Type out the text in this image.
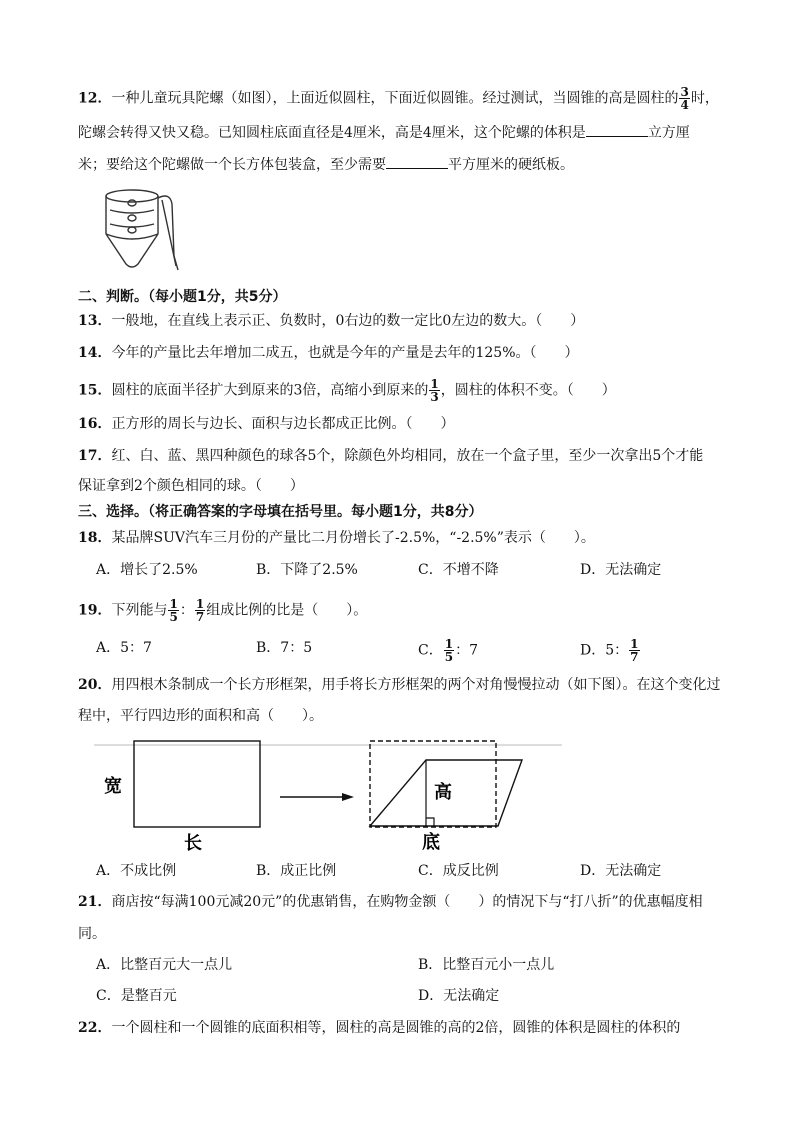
12．一种儿童玩具陀螺（如图），上面近似圆柱，下面近似圆锥。经过测试，当圆锥的高是圆柱的 $\frac{3}{4}$ 时，
陀螺会转得又快又稳。已知圆柱底面直径是4厘米，高是4厘米，这个陀螺的体积是	立方厘
米；要给这个陀螺做一个长方体包装盒，至少需要	平方厘米的硬纸板。
二、判断。（每小题1分，共5分）
13．一般地，在直线上表示正、负数时，0右边的数一定比0左边的数大。（　　）
14．今年的产量比去年增加二成五，也就是今年的产量是去年的125%。（　　）
15．圆柱的底面半径扩大到原来的3倍，高缩小到原来的 $\frac{1}{3}$ ，圆柱的体积不变。（　　）
16．正方形的周长与边长、面积与边长都成正比例。（　　）
17．红、白、蓝、黑四种颜色的球各5个，除颜色外均相同，放在一个盒子里，至少一次拿出5个才能
保证拿到2个颜色相同的球。（　　）
三、选择。（将正确答案的字母填在括号里。每小题1分，共8分）
18．某品牌SUV汽车三月份的产量比二月份增长了-2.5%，“-2.5%”表示（　　）。
A．增长了2.5%	B．下降了2.5%	C．不增不降	D．无法确定
19．下列能与 $\frac{1}{5}$ ： $\frac{1}{7}$ 组成比例的比是（　　）。
A．5：7	B．7：5	C． $\frac{1}{5}$ ：7	D．5： $\frac{1}{7}$
20．用四根木条制成一个长方形框架，用手将长方形框架的两个对角慢慢拉动（如下图）。在这个变化过
程中，平行四边形的面积和高（　　）。
宽
长
高
底
A．不成比例	B．成正比例	C．成反比例	D．无法确定
21．商店按“每满100元减20元”的优惠销售，在购物金额（　　）的情况下与“打八折”的优惠幅度相
同。
A．比整百元大一点儿	B．比整百元小一点儿
C．是整百元	D．无法确定
22．一个圆柱和一个圆锥的底面积相等，圆柱的高是圆锥的高的2倍，圆锥的体积是圆柱的体积的
